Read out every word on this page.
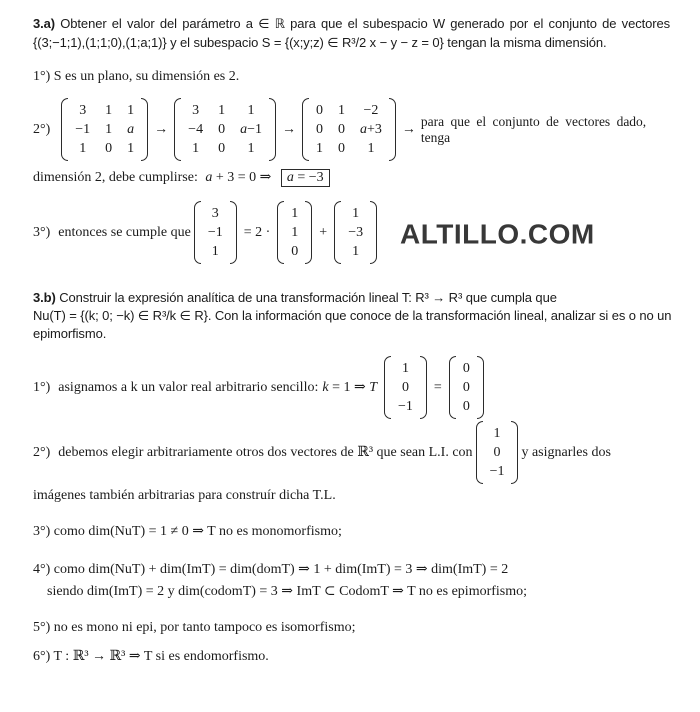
3.a) Obtener el valor del parámetro a ∈ ℝ para que el subespacio W generado por el conjunto de vectores

{(3;−1;1),(1;1;0),(1;a;1)} y el subespacio S = {(x;y;z) ∈ R³/2 x − y − z = 0} tengan la misma dimensión.

1°) S es un plano, su dimensión es 2.

2°)
3 1 1
−1 1 a
1 0 1
→
3 1 1
−4 0 a−1
1 0 1
→
0 1 −2
0 0 a+3
1 0 1
→
para que el conjunto de vectores dado, tenga

dimensión 2, debe cumplirse: a + 3 = 0 ⇒ a = −3

3°) entonces se cumple que
3
−1
1
= 2 ·
1
1
0
+
1
−3
1
ALTILLO.COM

3.b) Construir la expresión analítica de una transformación lineal T: R³ → R³ que cumpla que

Nu(T) = {(k; 0; −k) ∈ R³/k ∈ R}. Con la información que conoce de la transformación lineal, analizar si es o no un

epimorfismo.

1°) asignamos a k un valor real arbitrario sencillo: k = 1 ⇒ T
1
0
−1
=
0
0
0
2°) debemos elegir arbitrariamente otros dos vectores de ℝ³ que sean L.I. con
1
0
−1
y asignarles dos

imágenes también arbitrarias para construír dicha T.L.

3°) como dim(NuT) = 1 ≠ 0 ⇒ T no es monomorfismo;

4°) como dim(NuT) + dim(ImT) = dim(domT) ⇒ 1 + dim(ImT) = 3 ⇒ dim(ImT) = 2

siendo dim(ImT) = 2 y dim(codomT) = 3 ⇒ ImT ⊂ CodomT ⇒ T no es epimorfismo;

5°) no es mono ni epi, por tanto tampoco es isomorfismo;

6°) T : ℝ³ → ℝ³ ⇒ T si es endomorfismo.
